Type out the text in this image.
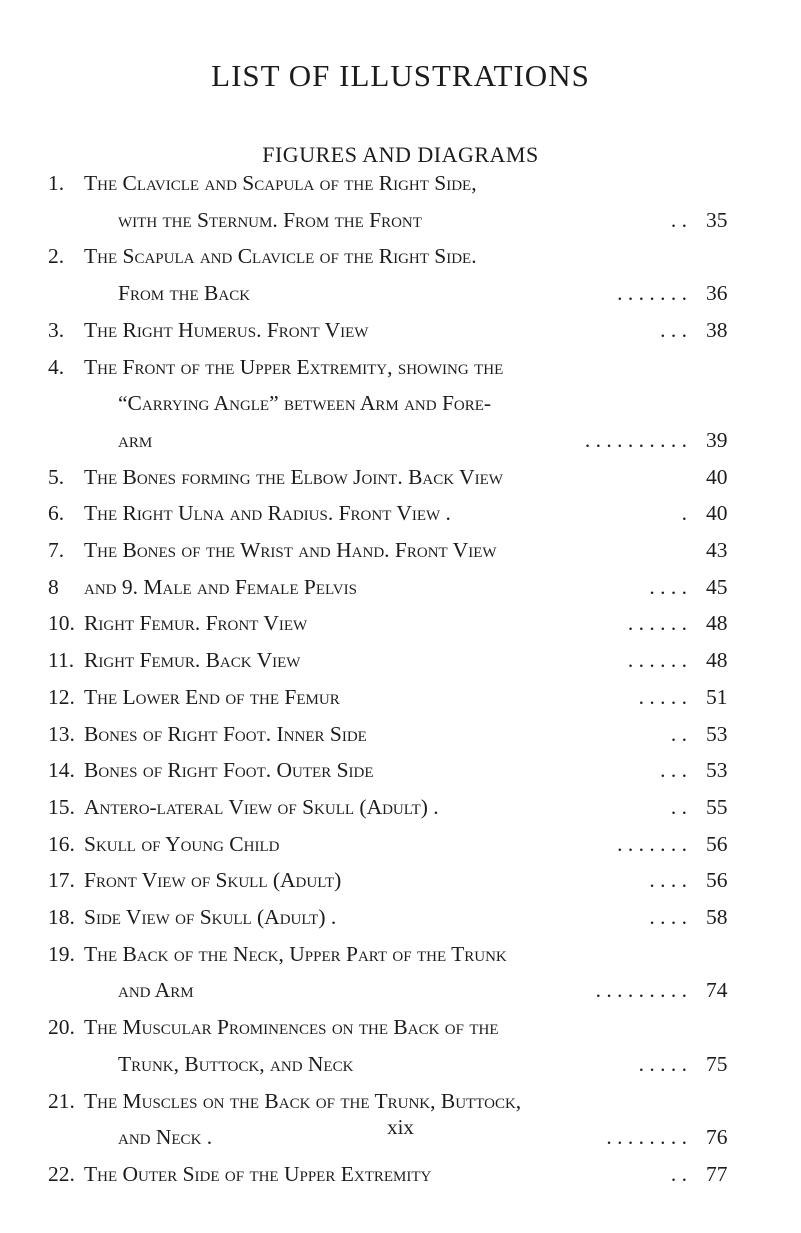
LIST OF ILLUSTRATIONS
FIGURES AND DIAGRAMS
1. The Clavicle and Scapula of the Right Side,
with the Sternum. From the Front	. . 35
2. The Scapula and Clavicle of the Right Side.
From the Back	. . . . . . . 36
3. The Right Humerus. Front View	. . . 38
4. The Front of the Upper Extremity, showing the
“Carrying Angle” between Arm and Fore-
arm	. . . . . . . . . . 39
5. The Bones forming the Elbow Joint. Back View	40
6. The Right Ulna and Radius. Front View .	. 40
7. The Bones of the Wrist and Hand. Front View	43
8	and 9. Male and Female Pelvis	. . . . 45
10. Right Femur. Front View	. . . . . . 48
11. Right Femur. Back View	. . . . . . 48
12. The Lower End of the Femur	. . . . . 51
13. Bones of Right Foot. Inner Side	. . 53
14. Bones of Right Foot. Outer Side	. . . 53
15. Antero-lateral View of Skull (Adult) .	. . 55
16. Skull of Young Child	. . . . . . . 56
17. Front View of Skull (Adult)	. . . . 56
18. Side View of Skull (Adult) .	. . . . 58
19. The Back of the Neck, Upper Part of the Trunk
and Arm	. . . . . . . . . 74
20. The Muscular Prominences on the Back of the
Trunk, Buttock, and Neck	. . . . . 75
21. The Muscles on the Back of the Trunk, Buttock,
and Neck .	. . . . . . . . 76
22. The Outer Side of the Upper Extremity	. . 77
xix
